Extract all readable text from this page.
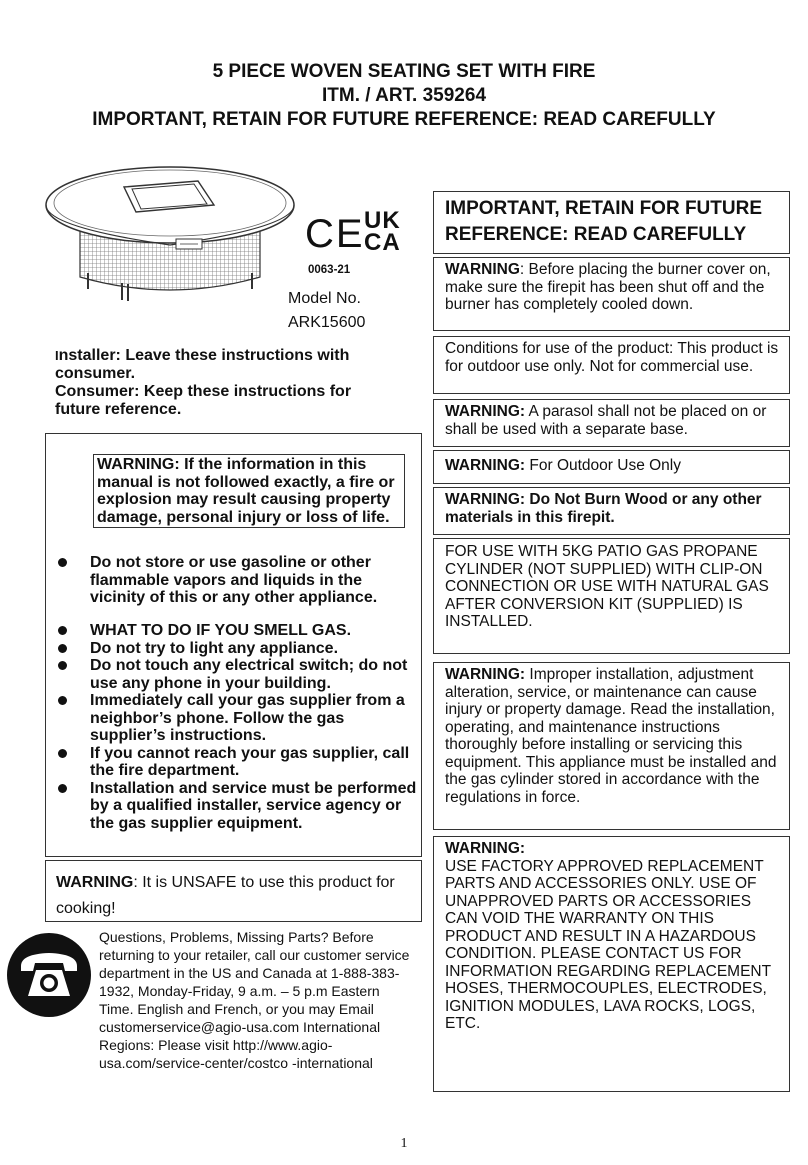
5 PIECE WOVEN SEATING SET WITH FIRE
ITM. / ART. 359264
IMPORTANT, RETAIN FOR FUTURE REFERENCE: READ CAREFULLY
CE UK
CA
0063-21
Model No.
ARK15600
Installer: Leave these instructions with consumer.
Consumer: Keep these instructions for future reference.
WARNING: If the information in this manual is not followed exactly, a fire or explosion may result causing property damage, personal injury or loss of life.
Do not store or use gasoline or other flammable vapors and liquids in the vicinity of this or any other appliance.
WHAT TO DO IF YOU SMELL GAS.
Do not try to light any appliance.
Do not touch any electrical switch; do not use any phone in your building.
Immediately call your gas supplier from a neighbor’s phone. Follow the gas supplier’s instructions.
If you cannot reach your gas supplier, call the fire department.
Installation and service must be performed by a qualified installer, service agency or the gas supplier equipment.
WARNING: It is UNSAFE to use this product for cooking!
Questions, Problems, Missing Parts? Before returning to your retailer, call our customer service department in the US and Canada at 1-888-383-1932, Monday-Friday, 9 a.m. – 5 p.m Eastern Time. English and French, or you may Email customerservice@agio-usa.com International Regions: Please visit http://www.agio-usa.com/service-center/costco -international
IMPORTANT, RETAIN FOR FUTURE REFERENCE: READ CAREFULLY
WARNING: Before placing the burner cover on, make sure the firepit has been shut off and the burner has completely cooled down.
Conditions for use of the product: This product is for outdoor use only. Not for commercial use.
WARNING: A parasol shall not be placed on or shall be used with a separate base.
WARNING: For Outdoor Use Only
WARNING: Do Not Burn Wood or any other materials in this firepit.
FOR USE WITH 5KG PATIO GAS PROPANE CYLINDER (NOT SUPPLIED) WITH CLIP-ON CONNECTION OR USE WITH NATURAL GAS AFTER CONVERSION KIT (SUPPLIED) IS INSTALLED.
WARNING: Improper installation, adjustment alteration, service, or maintenance can cause injury or property damage. Read the installation, operating, and maintenance instructions thoroughly before installing or servicing this equipment. This appliance must be installed and the gas cylinder stored in accordance with the regulations in force.
WARNING:
USE FACTORY APPROVED REPLACEMENT PARTS AND ACCESSORIES ONLY. USE OF UNAPPROVED PARTS OR ACCESSORIES CAN VOID THE WARRANTY ON THIS PRODUCT AND RESULT IN A HAZARDOUS CONDITION. PLEASE CONTACT US FOR INFORMATION REGARDING REPLACEMENT HOSES, THERMOCOUPLES, ELECTRODES, IGNITION MODULES, LAVA ROCKS, LOGS, ETC.
1
